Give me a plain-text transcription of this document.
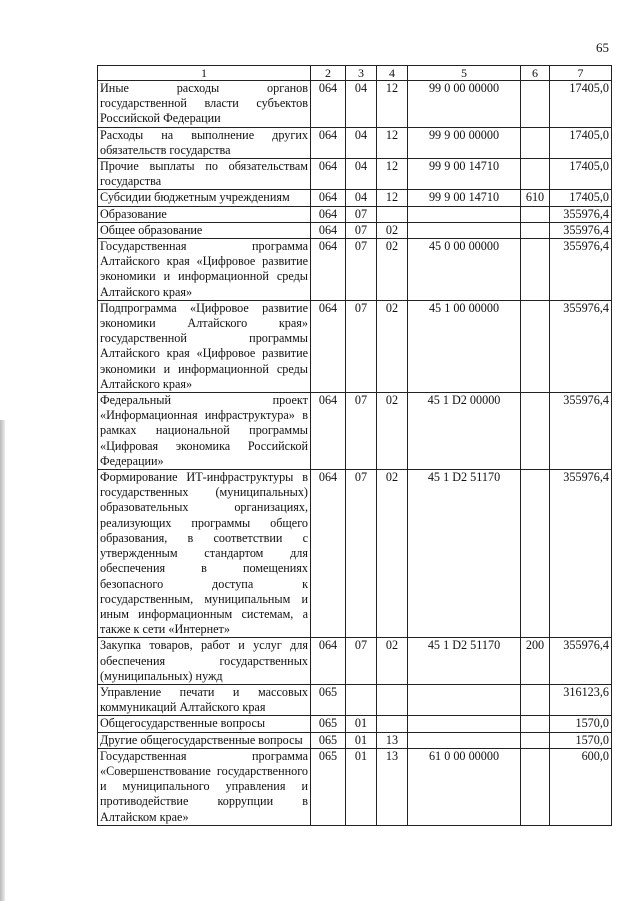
65
1	2	3	4	5	6	7
Иные расходы органов государственной власти субъектов Российской Федерации	064	04	12	99 0 00 00000		17405,0
Расходы на выполнение других обязательств государства	064	04	12	99 9 00 00000		17405,0
Прочие выплаты по обязательствам государства	064	04	12	99 9 00 14710		17405,0
Субсидии бюджетным учреждениям	064	04	12	99 9 00 14710	610	17405,0
Образование	064	07				355976,4
Общее образование	064	07	02			355976,4
Государственная программа Алтайского края «Цифровое развитие экономики и информационной среды Алтайского края»	064	07	02	45 0 00 00000		355976,4
Подпрограмма «Цифровое развитие экономики Алтайского края» государственной программы Алтайского края «Цифровое развитие экономики и информационной среды Алтайского края»	064	07	02	45 1 00 00000		355976,4
Федеральный проект «Информационная инфраструктура» в рамках национальной программы «Цифровая экономика Российской Федерации»	064	07	02	45 1 D2 00000		355976,4
Формирование ИТ-инфраструктуры в государственных (муниципальных) образовательных организациях, реализующих программы общего образования, в соответствии с утвержденным стандартом для обеспечения в помещениях безопасного доступа к государственным, муниципальным и иным информационным системам, а также к сети «Интернет»	064	07	02	45 1 D2 51170		355976,4
Закупка товаров, работ и услуг для обеспечения государственных (муниципальных) нужд	064	07	02	45 1 D2 51170	200	355976,4
Управление печати и массовых коммуникаций Алтайского края	065					316123,6
Общегосударственные вопросы	065	01				1570,0
Другие общегосударственные вопросы	065	01	13			1570,0
Государственная программа «Совершенствование государственного и муниципального управления и противодействие коррупции в Алтайском крае»	065	01	13	61 0 00 00000		600,0
